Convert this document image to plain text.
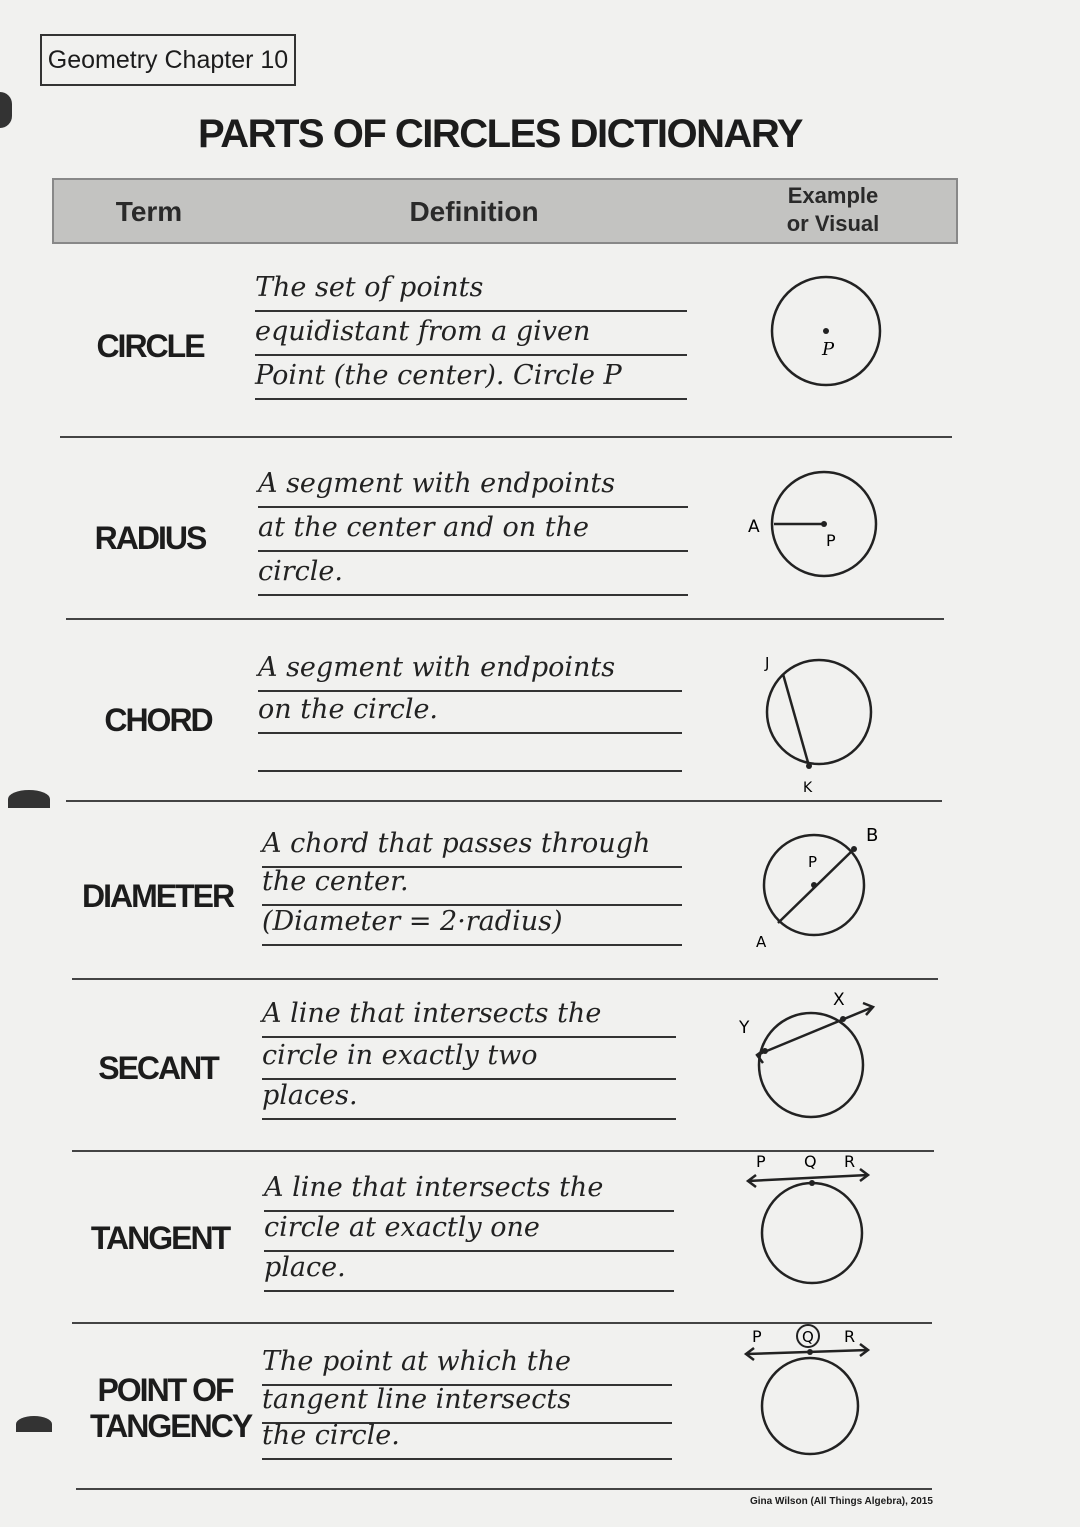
Geometry Chapter 10
PARTS OF CIRCLES DICTIONARY
Term	Definition
Example or Visual
CIRCLE
The set of points
equidistant from a given
Point (the center). Circle P
P
RADIUS
A segment with endpoints
at the center and on the
circle.
A
P
CHORD
A segment with endpoints
on the circle.
J
K
DIAMETER
A chord that passes through
the center.
(Diameter = 2·radius)
B
P
A
SECANT
A line that intersects the
circle in exactly two
places.
X
Y
TANGENT
A line that intersects the
circle at exactly one
place.
P Q R
POINT OF TANGENCY
The point at which the
tangent line intersects
the circle.
P	Q R
Gina Wilson (All Things Algebra), 2015
